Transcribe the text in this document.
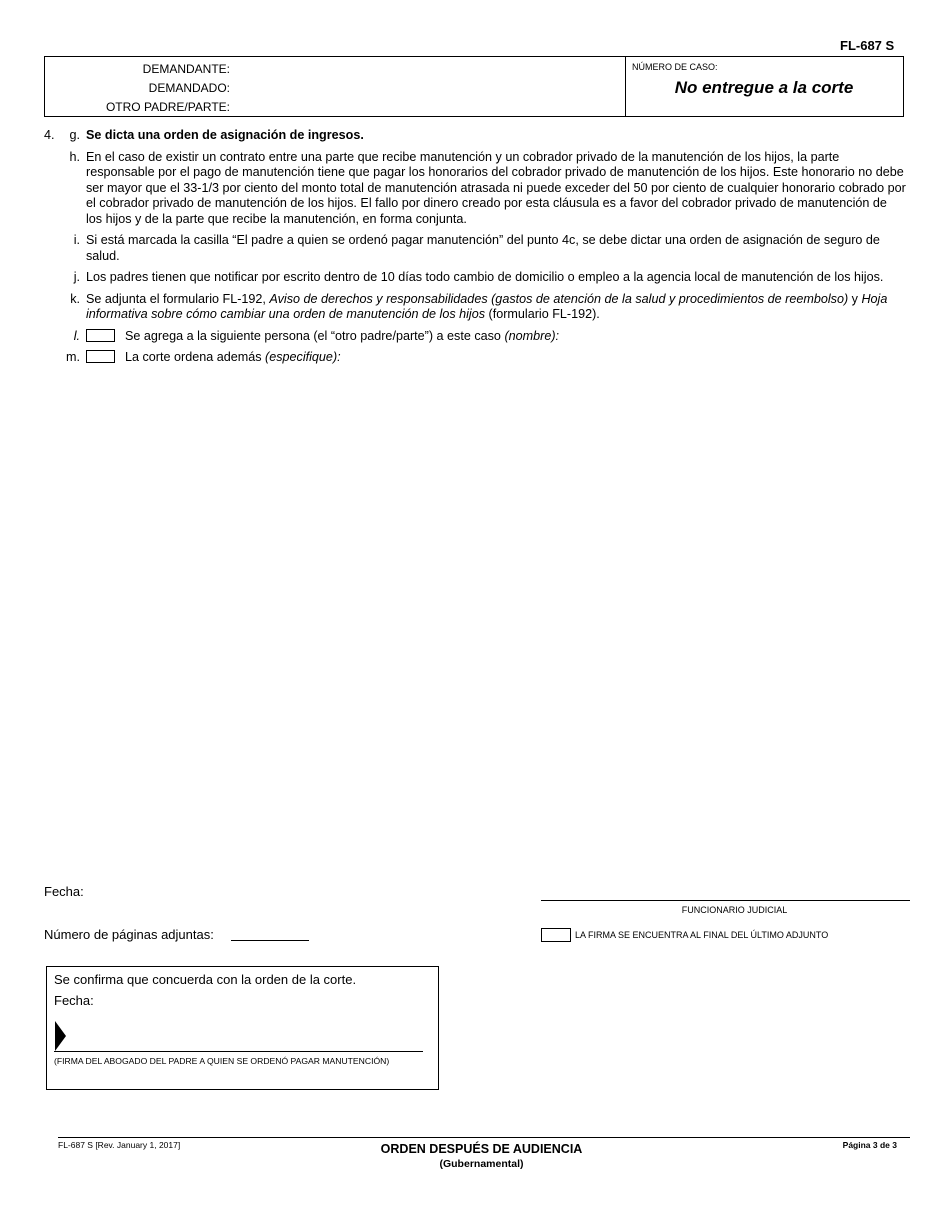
FL-687 S
DEMANDANTE:
DEMANDADO:
OTRO PADRE/PARTE:
NÚMERO DE CASO:
No entregue a la corte
4.	g. Se dicta una orden de asignación de ingresos.
h. En el caso de existir un contrato entre una parte que recibe manutención y un cobrador privado de la manutención de los hijos, la parte responsable por el pago de manutención tiene que pagar los honorarios del cobrador privado de manutención de los hijos. Este honorario no debe ser mayor que el 33-1/3 por ciento del monto total de manutención atrasada ni puede exceder del 50 por ciento de cualquier honorario cobrado por el cobrador privado de manutención de los hijos. El fallo por dinero creado por esta cláusula es a favor del cobrador privado de manutención de los hijos y de la parte que recibe la manutención, en forma conjunta.
i. Si está marcada la casilla “El padre a quien se ordenó pagar manutención” del punto 4c, se debe dictar una orden de asignación de seguro de salud.
j. Los padres tienen que notificar por escrito dentro de 10 días todo cambio de domicilio o empleo a la agencia local de manutención de los hijos.
k. Se adjunta el formulario FL-192, Aviso de derechos y responsabilidades (gastos de atención de la salud y procedimientos de reembolso) y Hoja informativa sobre cómo cambiar una orden de manutención de los hijos (formulario FL-192).
l.	Se agrega a la siguiente persona (el “otro padre/parte”) a este caso (nombre):
m.	La corte ordena además (especifique):
Fecha:
FUNCIONARIO JUDICIAL
Número de páginas adjuntas:	LA FIRMA SE ENCUENTRA AL FINAL DEL ÚLTIMO ADJUNTO
Se confirma que concuerda con la orden de la corte.
Fecha:
(FIRMA DEL ABOGADO DEL PADRE A QUIEN SE ORDENÓ PAGAR MANUTENCIÓN)
FL-687 S [Rev. January 1, 2017]	ORDEN DESPUÉS DE AUDIENCIA
(Gubernamental)
Página 3 de 3
